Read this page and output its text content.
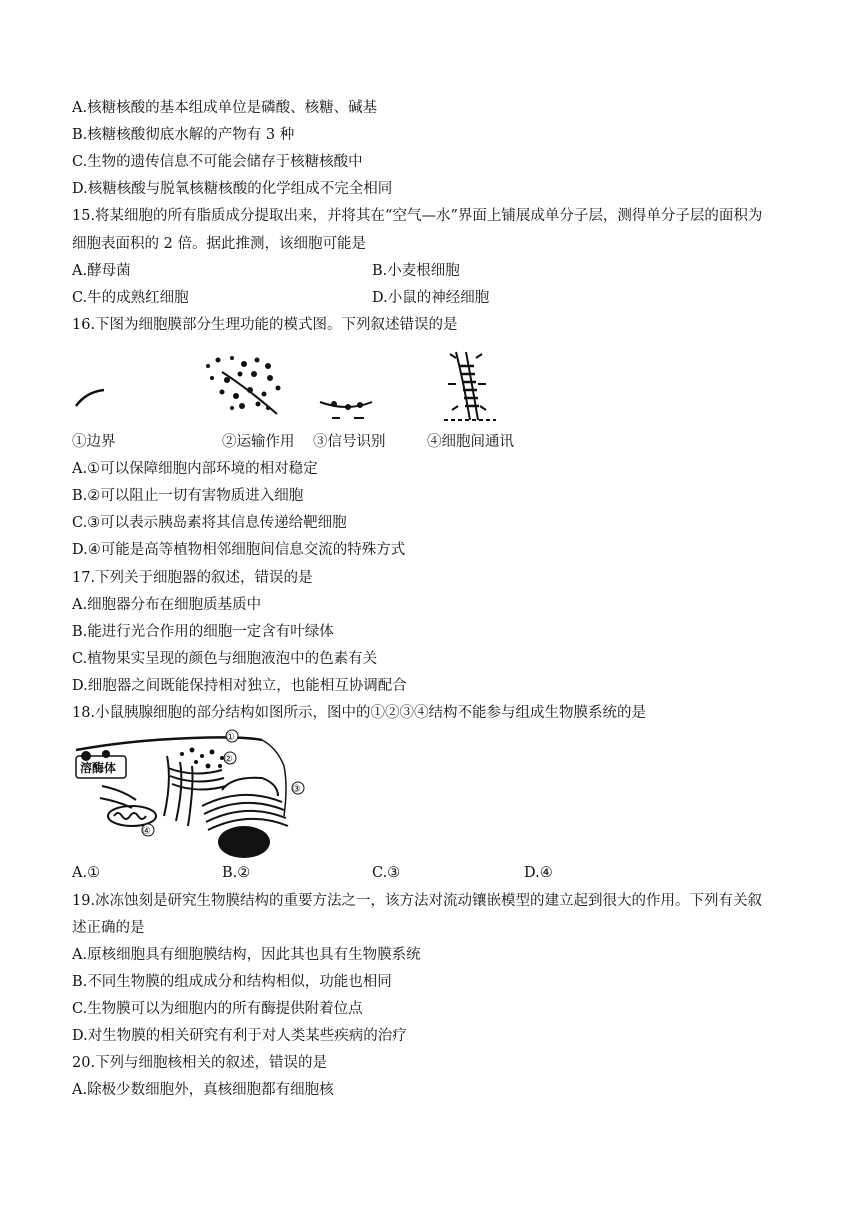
A.核糖核酸的基本组成单位是磷酸、核糖、碱基
B.核糖核酸彻底水解的产物有 3 种
C.生物的遗传信息不可能会储存于核糖核酸中
D.核糖核酸与脱氧核糖核酸的化学组成不完全相同
15.将某细胞的所有脂质成分提取出来，并将其在“空气—水”界面上铺展成单分子层，测得单分子层的面积为
细胞表面积的 2 倍。据此推测，该细胞可能是
A.酵母菌	B.小麦根细胞
C.牛的成熟红细胞	D.小鼠的神经细胞
16.下图为细胞膜部分生理功能的模式图。下列叙述错误的是
①边界	②运输作用 ③信号识别	④细胞间通讯
A.①可以保障细胞内部环境的相对稳定
B.②可以阻止一切有害物质进入细胞
C.③可以表示胰岛素将其信息传递给靶细胞
D.④可能是高等植物相邻细胞间信息交流的特殊方式
17.下列关于细胞器的叙述，错误的是
A.细胞器分布在细胞质基质中
B.能进行光合作用的细胞一定含有叶绿体
C.植物果实呈现的颜色与细胞液泡中的色素有关
D.细胞器之间既能保持相对独立，也能相互协调配合
18.小鼠胰腺细胞的部分结构如图所示，图中的①②③④结构不能参与组成生物膜系统的是
①
②
③
④
溶酶体
A.①	B.②	C.③	D.④
19.冰冻蚀刻是研究生物膜结构的重要方法之一，该方法对流动镶嵌模型的建立起到很大的作用。下列有关叙
述正确的是
A.原核细胞具有细胞膜结构，因此其也具有生物膜系统
B.不同生物膜的组成成分和结构相似，功能也相同
C.生物膜可以为细胞内的所有酶提供附着位点
D.对生物膜的相关研究有利于对人类某些疾病的治疗
20.下列与细胞核相关的叙述，错误的是
A.除极少数细胞外，真核细胞都有细胞核
